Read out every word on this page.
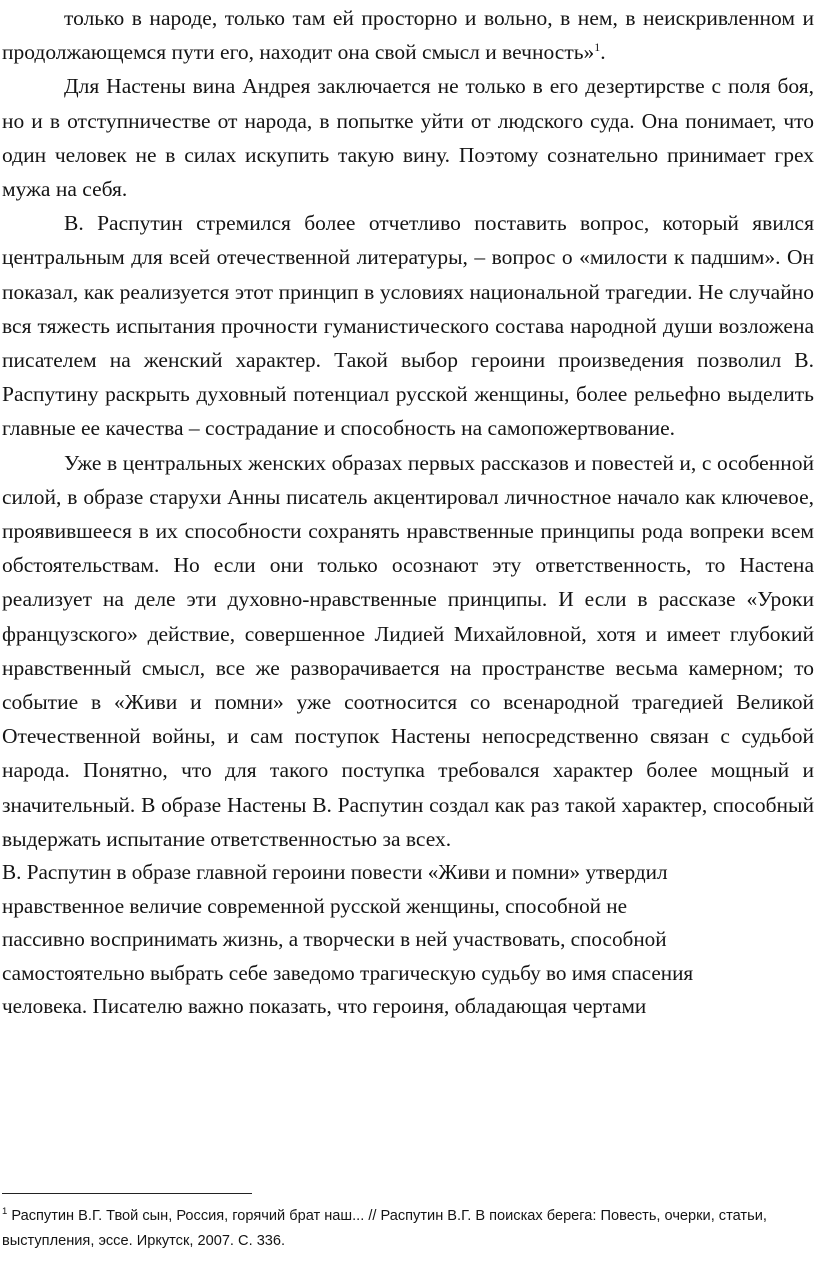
только в народе, только там ей просторно и вольно, в нем, в неискривленном и продолжающемся пути его, находит она свой смысл и вечность»$^1$.

Для Настены вина Андрея заключается не только в его дезертирстве с поля боя, но и в отступничестве от народа, в попытке уйти от людского суда. Она понимает, что один человек не в силах искупить такую вину. Поэтому сознательно принимает грех мужа на себя.

В. Распутин стремился более отчетливо поставить вопрос, который явился центральным для всей отечественной литературы, – вопрос о «милости к падшим». Он показал, как реализуется этот принцип в условиях национальной трагедии. Не случайно вся тяжесть испытания прочности гуманистического состава народной души возложена писателем на женский характер. Такой выбор героини произведения позволил В. Распутину раскрыть духовный потенциал русской женщины, более рельефно выделить главные ее качества – сострадание и способность на самопожертвование.

Уже в центральных женских образах первых рассказов и повестей и, с особенной силой, в образе старухи Анны писатель акцентировал личностное начало как ключевое, проявившееся в их способности сохранять нравственные принципы рода вопреки всем обстоятельствам. Но если они только осознают эту ответственность, то Настена реализует на деле эти духовно-нравственные принципы. И если в рассказе «Уроки французского» действие, совершенное Лидией Михайловной, хотя и имеет глубокий нравственный смысл, все же разворачивается на пространстве весьма камерном; то событие в «Живи и помни» уже соотносится со всенародной трагедией Великой Отечественной войны, и сам поступок Настены непосредственно связан с судьбой народа. Понятно, что для такого поступка требовался характер более мощный и значительный. В образе Настены В. Распутин создал как раз такой характер, способный выдержать испытание ответственностью за всех.

В. Распутин в образе главной героини повести «Живи и помни» утвердил
нравственное величие современной русской женщины, способной не
пассивно воспринимать жизнь, а творчески в ней участвовать, способной
самостоятельно выбрать себе заведомо трагическую судьбу во имя спасения
человека. Писателю важно показать, что героиня, обладающая чертами

$^1$ Распутин В.Г. Твой сын, Россия, горячий брат наш... // Распутин В.Г. В поисках берега: Повесть, очерки, статьи, выступления, эссе. Иркутск, 2007. С. 336.
